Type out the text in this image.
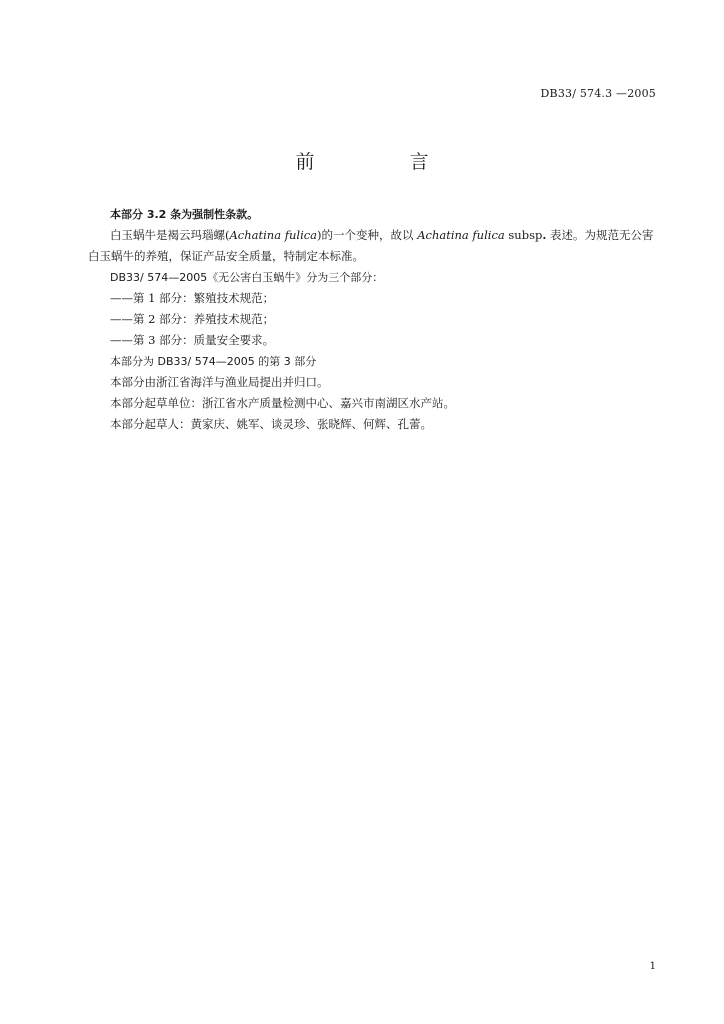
DB33/ 574.3 —2005
前　言

本部分 3.2 条为强制性条款。

白玉蜗牛是褐云玛瑙螺(Achatina fulica)的一个变种，故以 Achatina fulica subsp. 表述。为规范无公害白玉蜗牛的养殖，保证产品安全质量，特制定本标准。

DB33/ 574—2005《无公害白玉蜗牛》分为三个部分：

——第 1 部分：繁殖技术规范；

——第 2 部分：养殖技术规范；

——第 3 部分：质量安全要求。

本部分为 DB33/ 574—2005 的第 3 部分

本部分由浙江省海洋与渔业局提出并归口。

本部分起草单位：浙江省水产质量检测中心、嘉兴市南湖区水产站。

本部分起草人：黄家庆、姚军、谈灵珍、张晓辉、何辉、孔蕾。

1
